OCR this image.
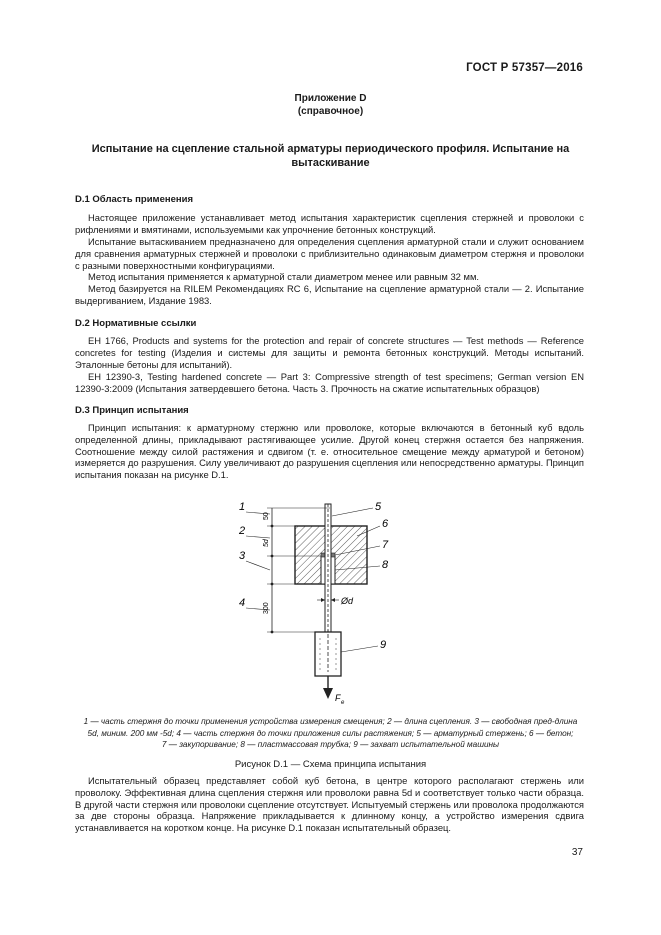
ГОСТ Р 57357—2016
Приложение D
(справочное)
Испытание на сцепление стальной арматуры периодического профиля. Испытание на вытаскивание
D.1 Область применения

Настоящее приложение устанавливает метод испытания характеристик сцепления стержней и проволоки с рифлениями и вмятинами, используемыми как упрочнение бетонных конструкций.

Испытание вытаскиванием предназначено для определения сцепления арматурной стали и служит основанием для сравнения арматурных стержней и проволоки с приблизительно одинаковым диаметром стержня и проволоки с разными поверхностными конфигурациями.

Метод испытания применяется к арматурной стали диаметром менее или равным 32 мм.

Метод базируется на RILEM Рекомендациях RC 6, Испытание на сцепление арматурной стали — 2. Испытание выдергиванием, Издание 1983.

D.2 Нормативные ссылки

ЕН 1766, Products and systems for the protection and repair of concrete structures — Test methods — Reference concretes for testing (Изделия и системы для защиты и ремонта бетонных конструкций. Методы испытаний. Эталонные бетоны для испытаний).

ЕН 12390-3, Testing hardened concrete — Part 3: Compressive strength of test specimens; German version EN 12390-3:2009 (Испытания затвердевшего бетона. Часть 3. Прочность на сжатие испытательных образцов)

D.3 Принцип испытания

Принцип испытания: к арматурному стержню или проволоке, которые включаются в бетонный куб вдоль определенной длины, прикладывают растягивающее усилие. Другой конец стержня остается без напряжения. Соотношение между силой растяжения и сдвигом (т. е. относительное смещение между арматурой и бетоном) измеряется до разрушения. Силу увеличивают до разрушения сцепления или непосредственно арматуры. Принцип испытания показан на рисунке D.1.

F e
50
5d
300
1
2
3
4
5
6
7
8
9
Ød
1 — часть стержня до точки применения устройства измерения смещения; 2 — длина сцепления. 3 — свободная пред-длина
5d, миним. 200 мм -5d; 4 — часть стержня до точки приложения силы растяжения; 5 — арматурный стержень; 6 — бетон;
7 — закупоривание; 8 — пластмассовая трубка; 9 — захват испытательной машины
Рисунок D.1 — Схема принципа испытания

Испытательный образец представляет собой куб бетона, в центре которого располагают стержень или проволоку. Эффективная длина сцепления стержня или проволоки равна 5d и соответствует только части образца. В другой части стержня или проволоки сцепление отсутствует. Испытуемый стержень или проволока продолжаются за две стороны образца. Напряжение прикладывается к длинному концу, а устройство измерения сдвига устанавливается на коротком конце. На рисунке D.1 показан испытательный образец.

37
